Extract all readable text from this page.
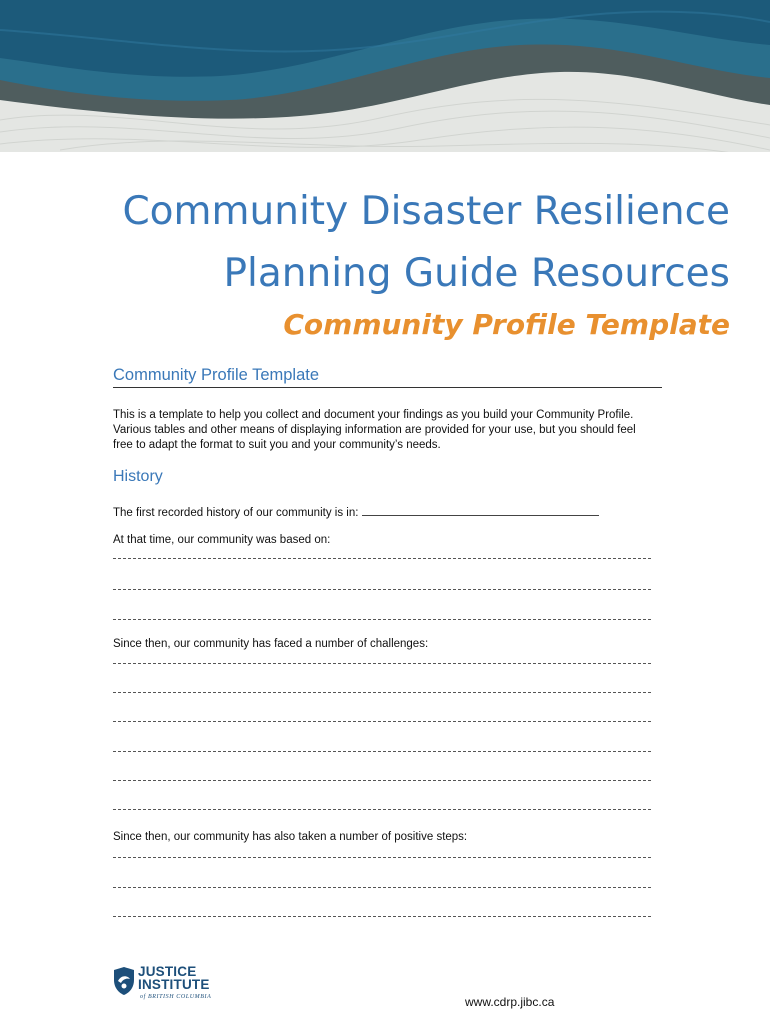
Community Disaster Resilience
Planning Guide Resources
Community Profile Template
Community Profile Template

This is a template to help you collect and document your findings as you build your Community Profile. Various tables and other means of displaying information are provided for your use, but you should feel free to adapt the format to suit you and your community’s needs.

History
The first recorded history of our community is in:
At that time, our community was based on:
Since then, our community has faced a number of challenges:
Since then, our community has also taken a number of positive steps:
JUSTICE
INSTITUTE
of BRITISH COLUMBIA	www.cdrp.jibc.ca
